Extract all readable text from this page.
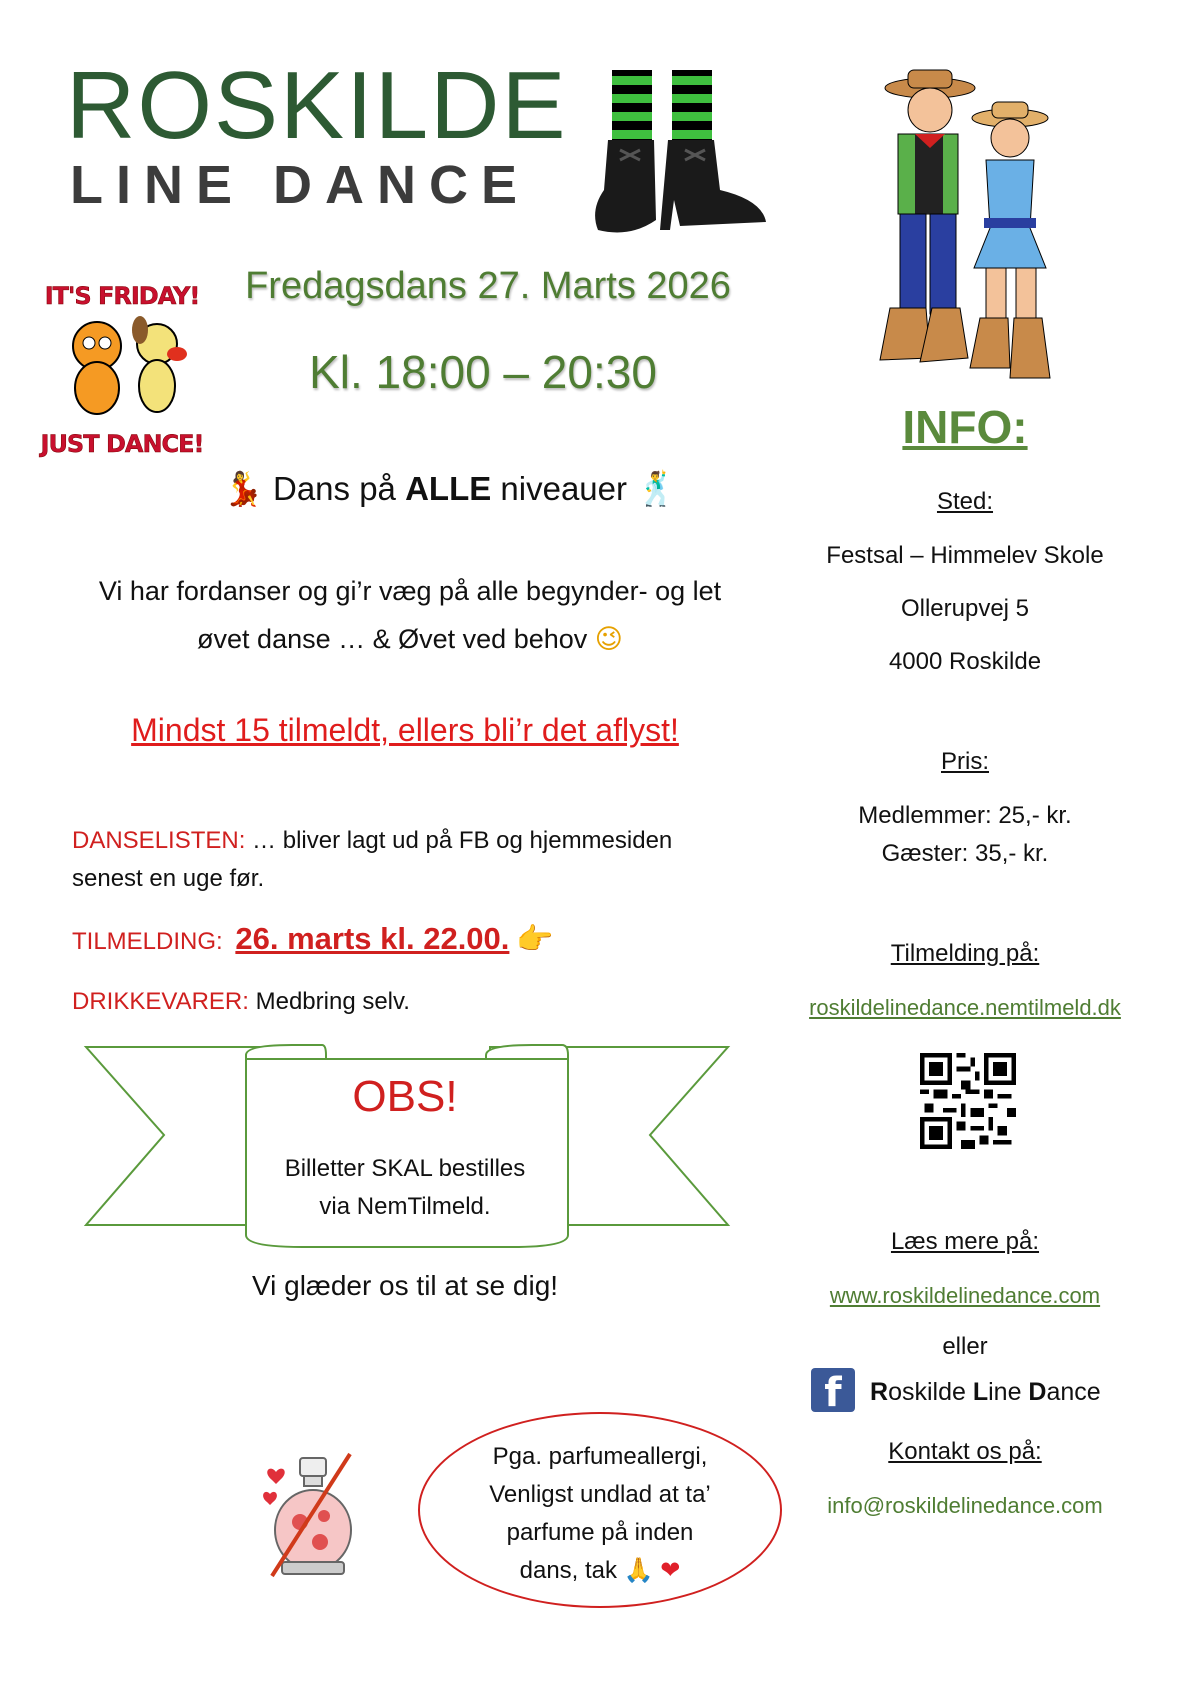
ROSKILDE
LINE DANCE
IT'S FRIDAY!
JUST DANCE!
Fredagsdans 27. Marts 2026
Kl. 18:00 – 20:30
💃 Dans på ALLE niveauer 🕺
Vi har fordanser og gi’r væg på alle begynder- og let øvet danse … & Øvet ved behov 😉
Mindst 15 tilmeldt, ellers bli’r det aflyst!
DANSELISTEN: … bliver lagt ud på FB og hjemmesiden senest en uge før.
TILMELDING: 26. marts kl. 22.00. 👉
DRIKKEVARER: Medbring selv.
OBS!
Billetter SKAL bestilles
via NemTilmeld.
Vi glæder os til at se dig!
Pga. parfumeallergi,
Venligst undlad at ta’
parfume på inden
dans, tak 🙏 ❤
INFO:
Sted:
Festsal – Himmelev Skole
Ollerupvej 5
4000 Roskilde
Pris:
Medlemmer: 25,- kr.
Gæster: 35,- kr.
Tilmelding på:
roskildelinedance.nemtilmeld.dk
Læs mere på:
www.roskildelinedance.com
eller
f	Roskilde Line Dance
Kontakt os på:
info@roskildelinedance.com
